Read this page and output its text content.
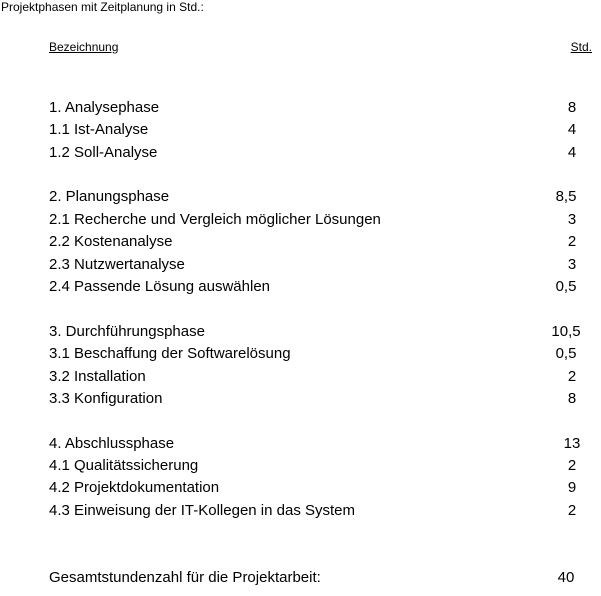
Projektphasen mit Zeitplanung in Std.:
Bezeichnung	Std.
1. Analysephase	8
1.1 Ist-Analyse	4
1.2 Soll-Analyse	4
2. Planungsphase	8,5
2.1 Recherche und Vergleich möglicher Lösungen	3
2.2 Kostenanalyse	2
2.3 Nutzwertanalyse	3
2.4 Passende Lösung auswählen	0,5
3. Durchführungsphase	10,5
3.1 Beschaffung der Softwarelösung	0,5
3.2 Installation	2
3.3 Konfiguration	8
4. Abschlussphase	13
4.1 Qualitätssicherung	2
4.2 Projektdokumentation	9
4.3 Einweisung der IT-Kollegen in das System	2
Gesamtstundenzahl für die Projektarbeit:	40
